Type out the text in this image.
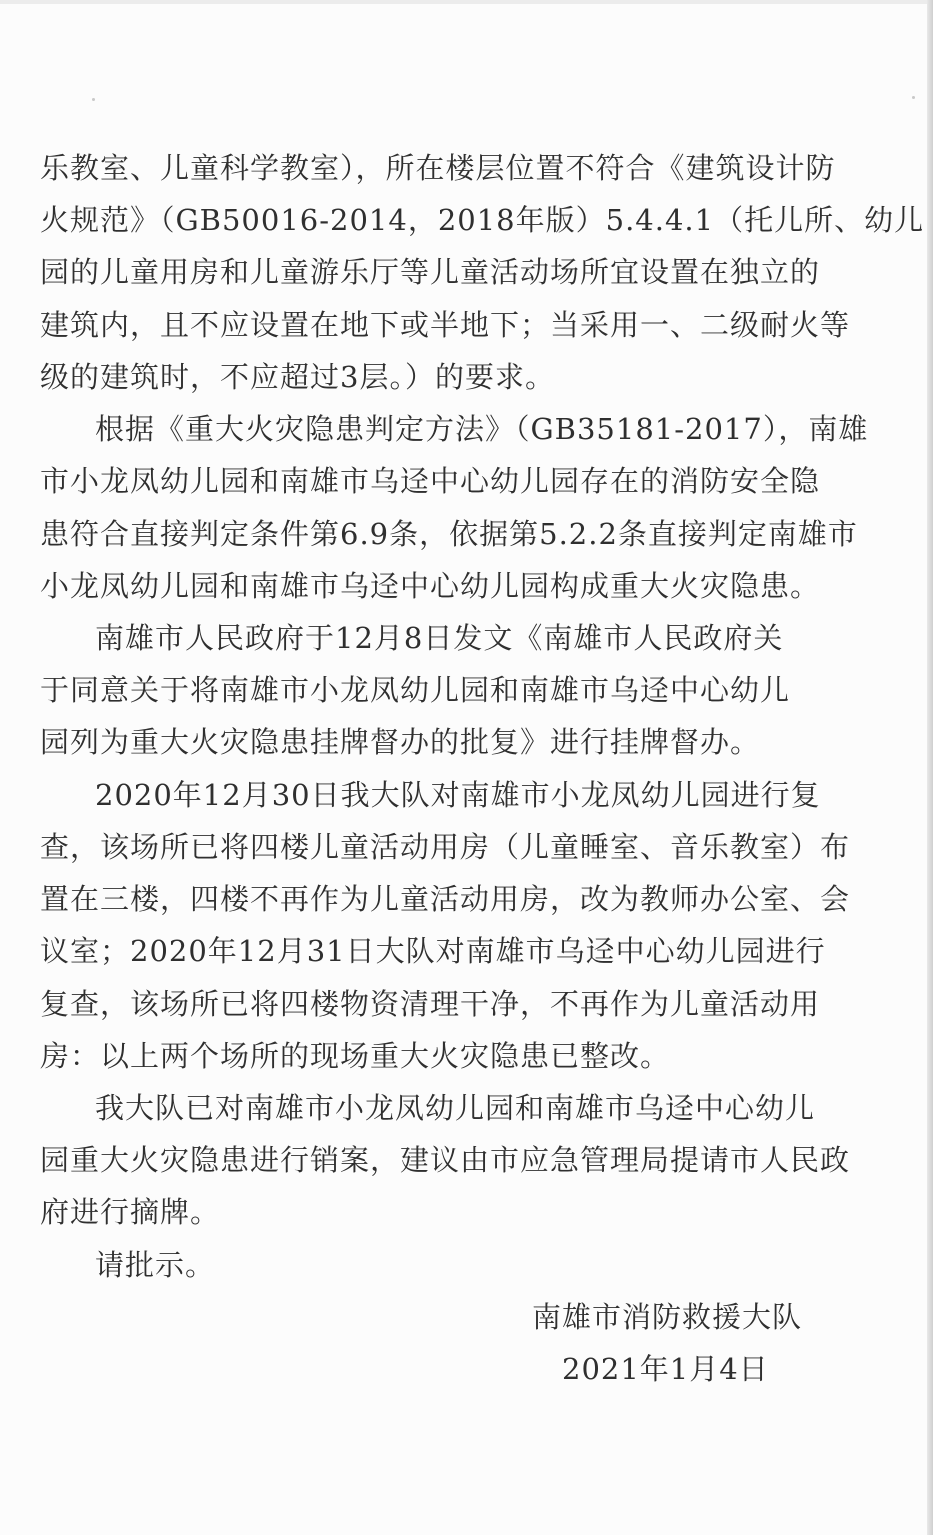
乐教室、儿童科学教室），所在楼层位置不符合《建筑设计防
火规范》（GB50016-2014，2018年版）5.4.4.1（托儿所、幼儿
园的儿童用房和儿童游乐厅等儿童活动场所宜设置在独立的
建筑内，且不应设置在地下或半地下；当采用一、二级耐火等
级的建筑时，不应超过3层。）的要求。
根据《重大火灾隐患判定方法》（GB35181-2017），南雄
市小龙凤幼儿园和南雄市乌迳中心幼儿园存在的消防安全隐
患符合直接判定条件第6.9条，依据第5.2.2条直接判定南雄市
小龙凤幼儿园和南雄市乌迳中心幼儿园构成重大火灾隐患。
南雄市人民政府于12月8日发文《南雄市人民政府关
于同意关于将南雄市小龙凤幼儿园和南雄市乌迳中心幼儿
园列为重大火灾隐患挂牌督办的批复》进行挂牌督办。
2020年12月30日我大队对南雄市小龙凤幼儿园进行复
查，该场所已将四楼儿童活动用房（儿童睡室、音乐教室）布
置在三楼，四楼不再作为儿童活动用房，改为教师办公室、会
议室；2020年12月31日大队对南雄市乌迳中心幼儿园进行
复查，该场所已将四楼物资清理干净，不再作为儿童活动用
房：以上两个场所的现场重大火灾隐患已整改。
我大队已对南雄市小龙凤幼儿园和南雄市乌迳中心幼儿
园重大火灾隐患进行销案，建议由市应急管理局提请市人民政
府进行摘牌。
请批示。
南雄市消防救援大队
2021年1月4日
